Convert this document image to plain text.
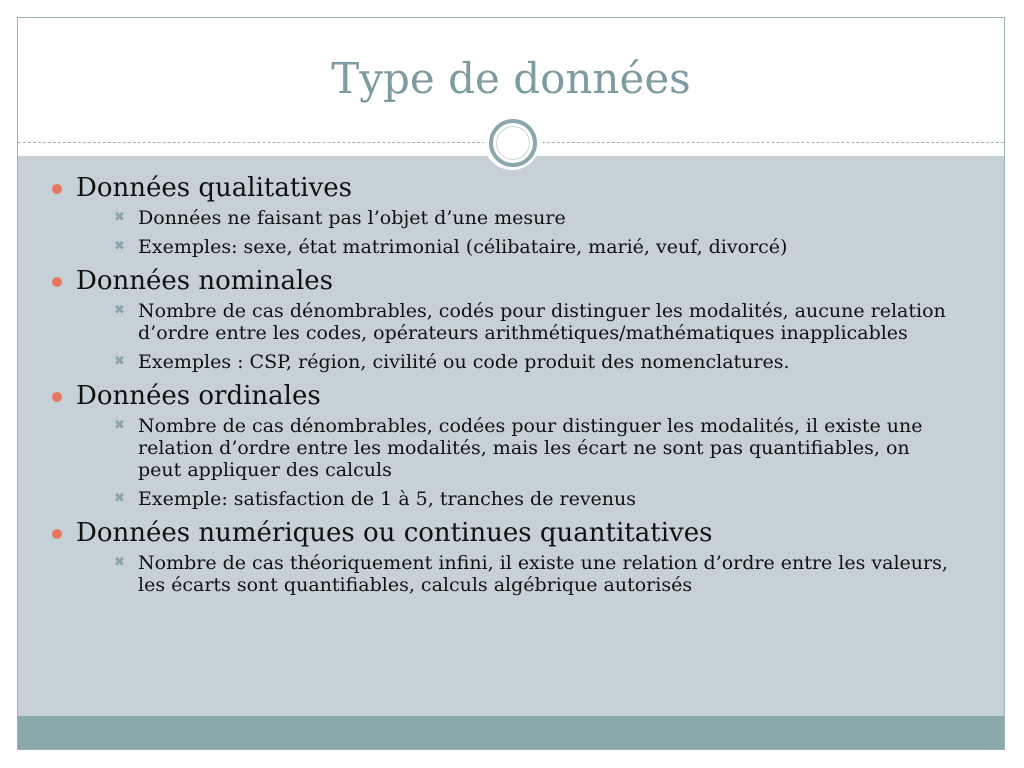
Type de données
Données qualitatives
✖ Données ne faisant pas l’objet d’une mesure
✖ Exemples: sexe, état matrimonial (célibataire, marié, veuf, divorcé)
Données nominales
✖ Nombre de cas dénombrables, codés pour distinguer les modalités, aucune relation d’ordre entre les codes, opérateurs arithmétiques/mathématiques inapplicables
✖ Exemples : CSP, région, civilité ou code produit des nomenclatures.
Données ordinales
✖ Nombre de cas dénombrables, codées pour distinguer les modalités, il existe une relation d’ordre entre les modalités, mais les écart ne sont pas quantifiables, on peut appliquer des calculs
✖ Exemple: satisfaction de 1 à 5, tranches de revenus
Données numériques ou continues quantitatives
✖ Nombre de cas théoriquement infini, il existe une relation d’ordre entre les valeurs, les écarts sont quantifiables, calculs algébrique autorisés
